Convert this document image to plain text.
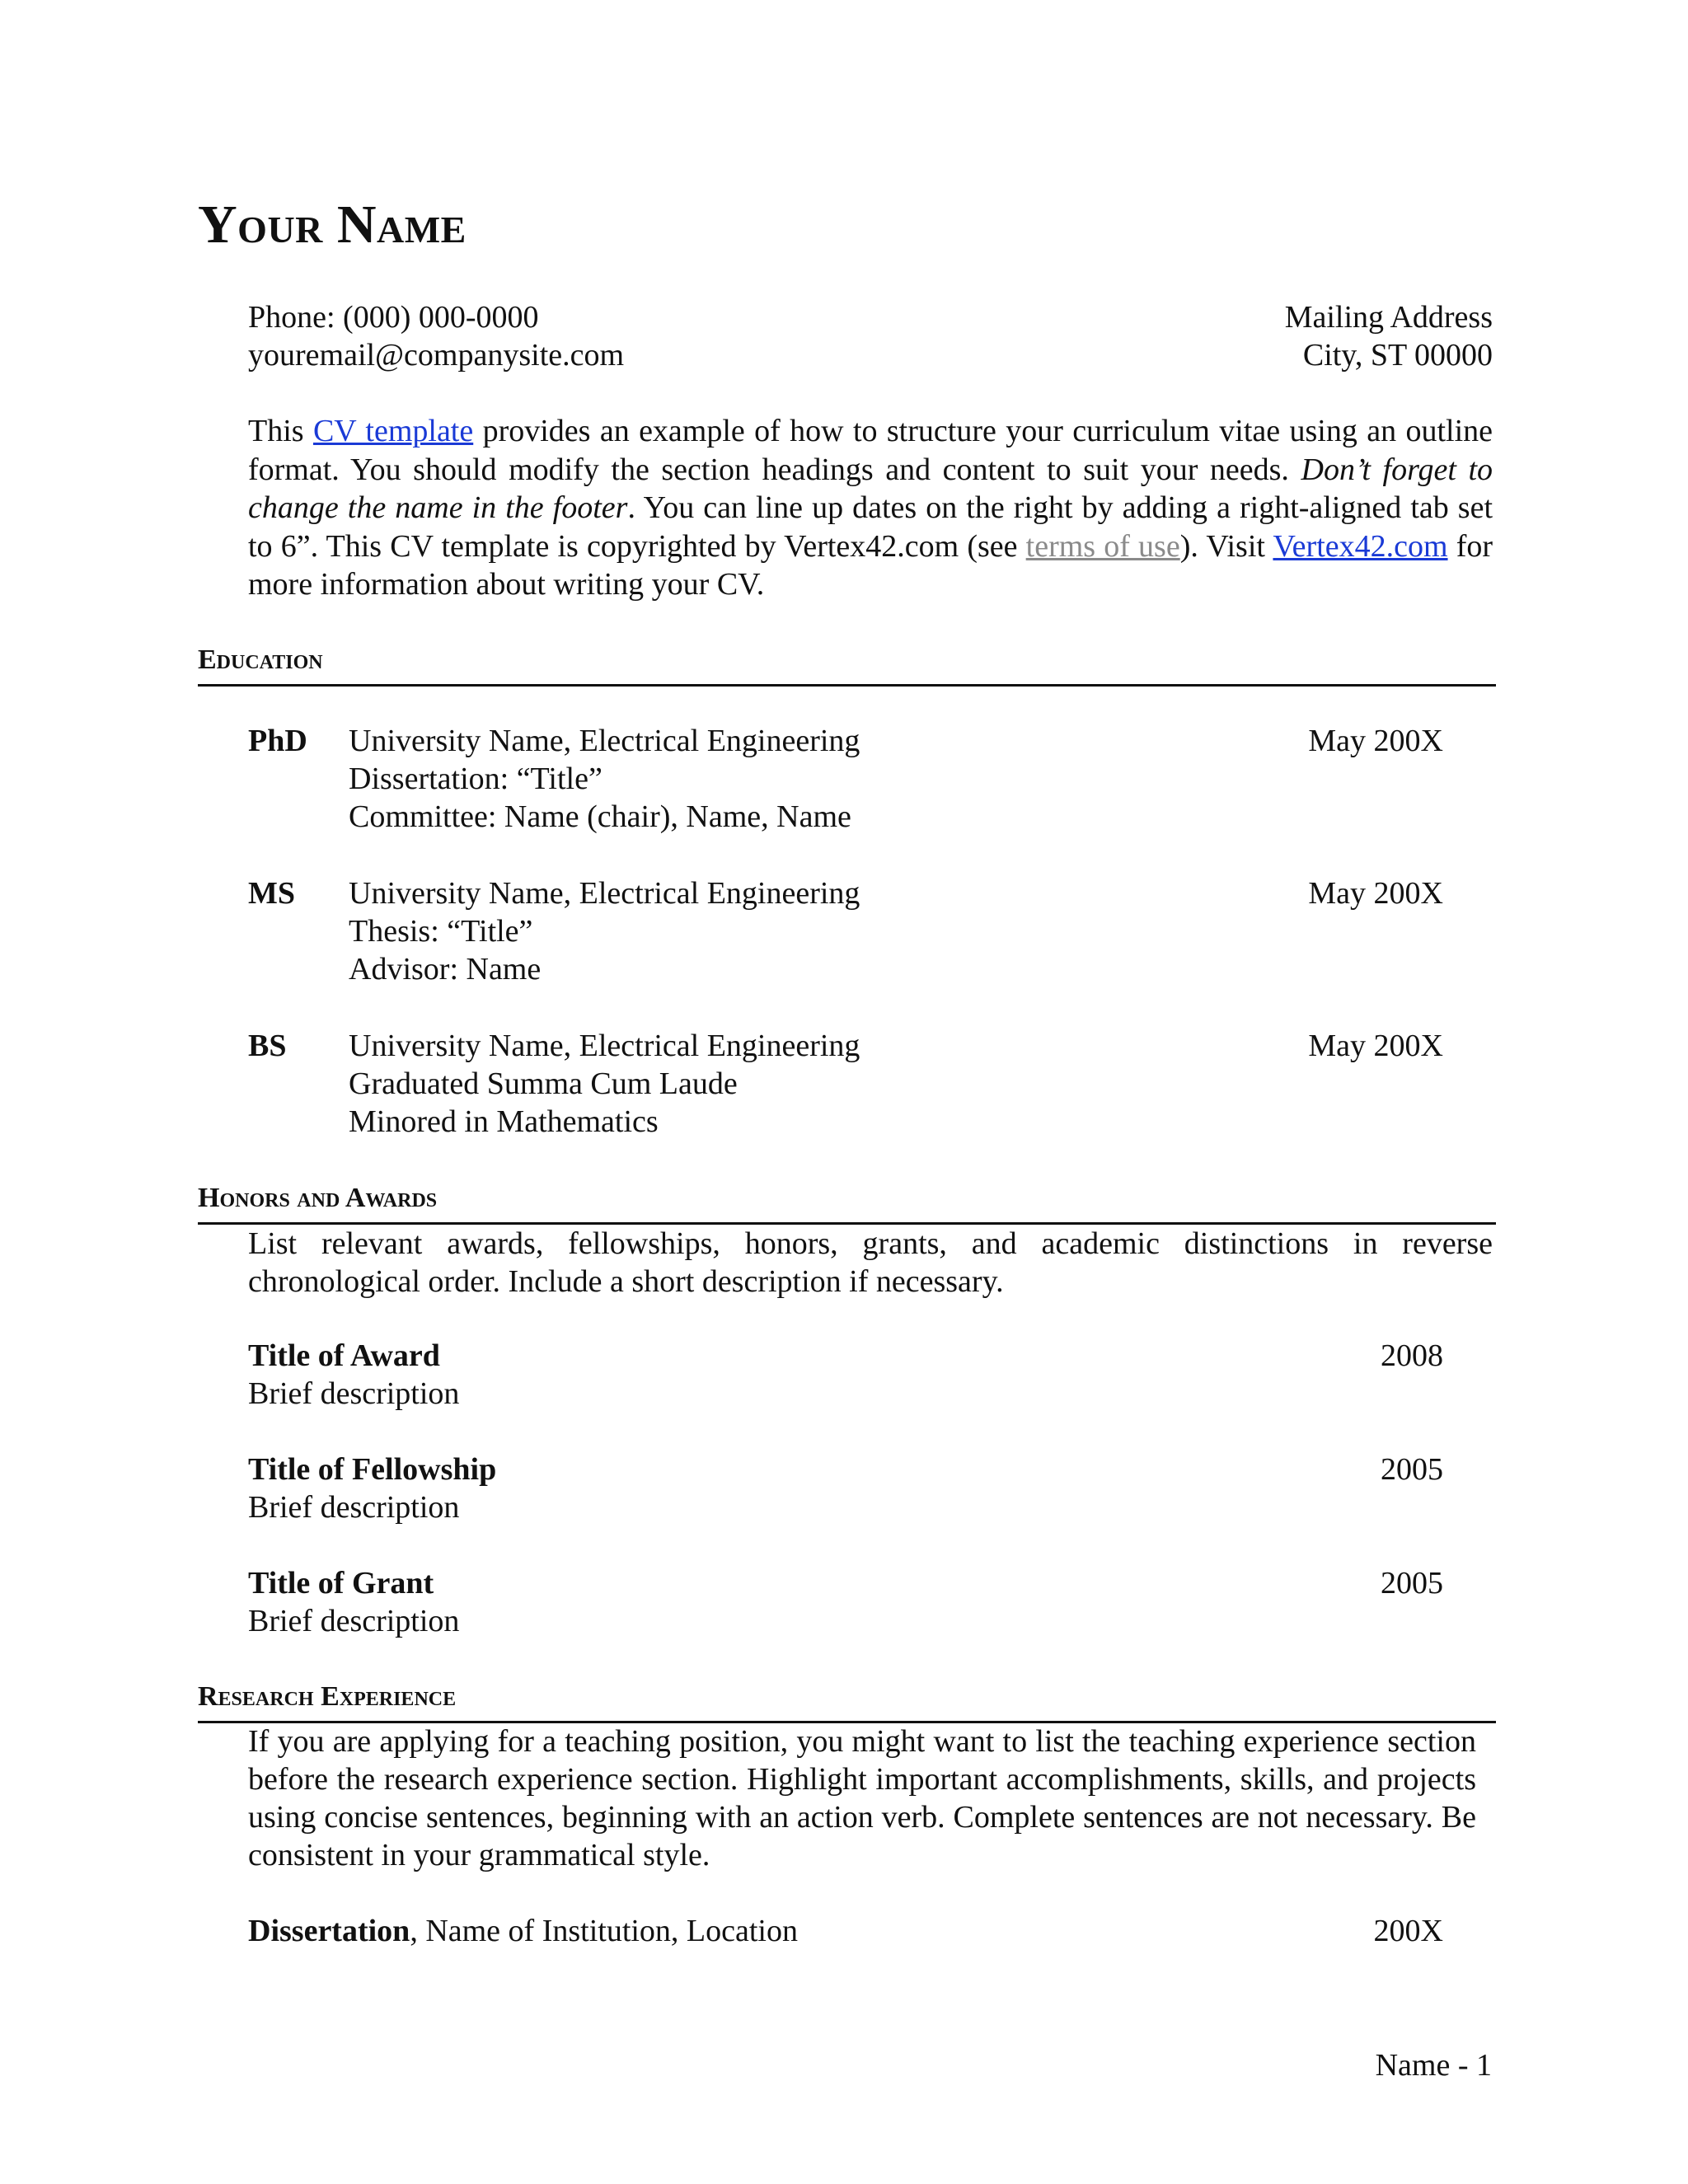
Your Name
Phone: (000) 000-0000
youremail@companysite.com
Mailing Address
City, ST 00000
This CV template provides an example of how to structure your curriculum vitae using an outline format. You should modify the section headings and content to suit your needs. Don’t forget to change the name in the footer. You can line up dates on the right by adding a right-aligned tab set to 6”. This CV template is copyrighted by Vertex42.com (see terms of use). Visit Vertex42.com for more information about writing your CV.
Education
PhD University Name, Electrical Engineering
Dissertation: “Title”
Committee: Name (chair), Name, Name
May 200X
MS University Name, Electrical Engineering
Thesis: “Title”
Advisor: Name
May 200X
BS University Name, Electrical Engineering
Graduated Summa Cum Laude
Minored in Mathematics
May 200X
Honors and Awards
List relevant awards, fellowships, honors, grants, and academic distinctions in reverse chronological order. Include a short description if necessary.
Title of Award	2008
Brief description
Title of Fellowship	2005
Brief description
Title of Grant	2005
Brief description
Research Experience
If you are applying for a teaching position, you might want to list the teaching experience section before the research experience section. Highlight important accomplishments, skills, and projects using concise sentences, beginning with an action verb. Complete sentences are not necessary. Be consistent in your grammatical style.
Dissertation, Name of Institution, Location	200X
Name - 1
